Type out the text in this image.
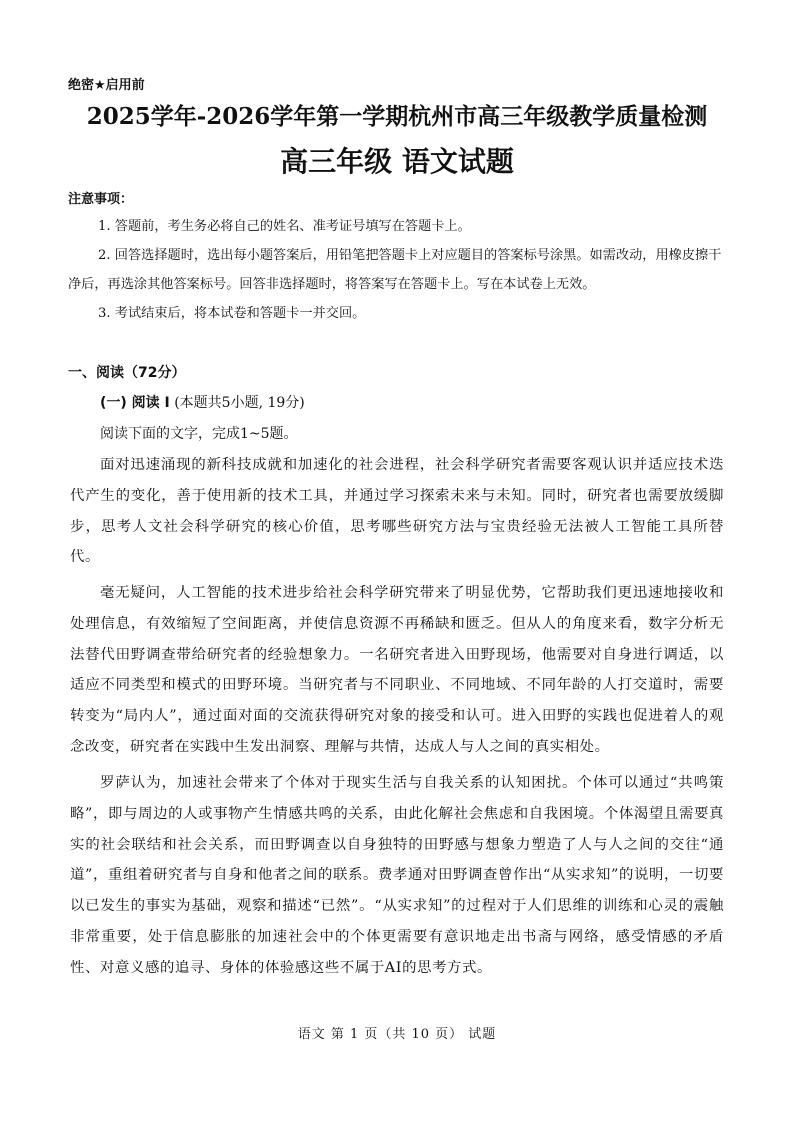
绝密★启用前
2025学年-2026学年第一学期杭州市高三年级教学质量检测
高三年级 语文试题
注意事项：
1. 答题前，考生务必将自己的姓名、准考证号填写在答题卡上。
2. 回答选择题时，选出每小题答案后，用铅笔把答题卡上对应题目的答案标号涂黑。如需改动，用橡皮擦干净后，再选涂其他答案标号。回答非选择题时，将答案写在答题卡上。写在本试卷上无效。
3. 考试结束后，将本试卷和答题卡一并交回。
一、阅读（72分）
(一) 阅读 I (本题共5小题, 19分)
阅读下面的文字，完成1~5题。
面对迅速涌现的新科技成就和加速化的社会进程，社会科学研究者需要客观认识并适应技术迭代产生的变化，善于使用新的技术工具，并通过学习探索未来与未知。同时，研究者也需要放缓脚步，思考人文社会科学研究的核心价值，思考哪些研究方法与宝贵经验无法被人工智能工具所替代。
毫无疑问，人工智能的技术进步给社会科学研究带来了明显优势，它帮助我们更迅速地接收和处理信息，有效缩短了空间距离，并使信息资源不再稀缺和匮乏。但从人的角度来看，数字分析无法替代田野调查带给研究者的经验想象力。一名研究者进入田野现场，他需要对自身进行调适，以适应不同类型和模式的田野环境。当研究者与不同职业、不同地域、不同年龄的人打交道时，需要转变为“局内人”，通过面对面的交流获得研究对象的接受和认可。进入田野的实践也促进着人的观念改变，研究者在实践中生发出洞察、理解与共情，达成人与人之间的真实相处。
罗萨认为，加速社会带来了个体对于现实生活与自我关系的认知困扰。个体可以通过“共鸣策略”，即与周边的人或事物产生情感共鸣的关系，由此化解社会焦虑和自我困境。个体渴望且需要真实的社会联结和社会关系，而田野调查以自身独特的田野感与想象力塑造了人与人之间的交往“通道”，重组着研究者与自身和他者之间的联系。费孝通对田野调查曾作出“从实求知”的说明，一切要以已发生的事实为基础，观察和描述“已然”。“从实求知”的过程对于人们思维的训练和心灵的震触非常重要，处于信息膨胀的加速社会中的个体更需要有意识地走出书斋与网络，感受情感的矛盾性、对意义感的追寻、身体的体验感这些不属于AI的思考方式。
语文 第 1 页（共 10 页） 试题
